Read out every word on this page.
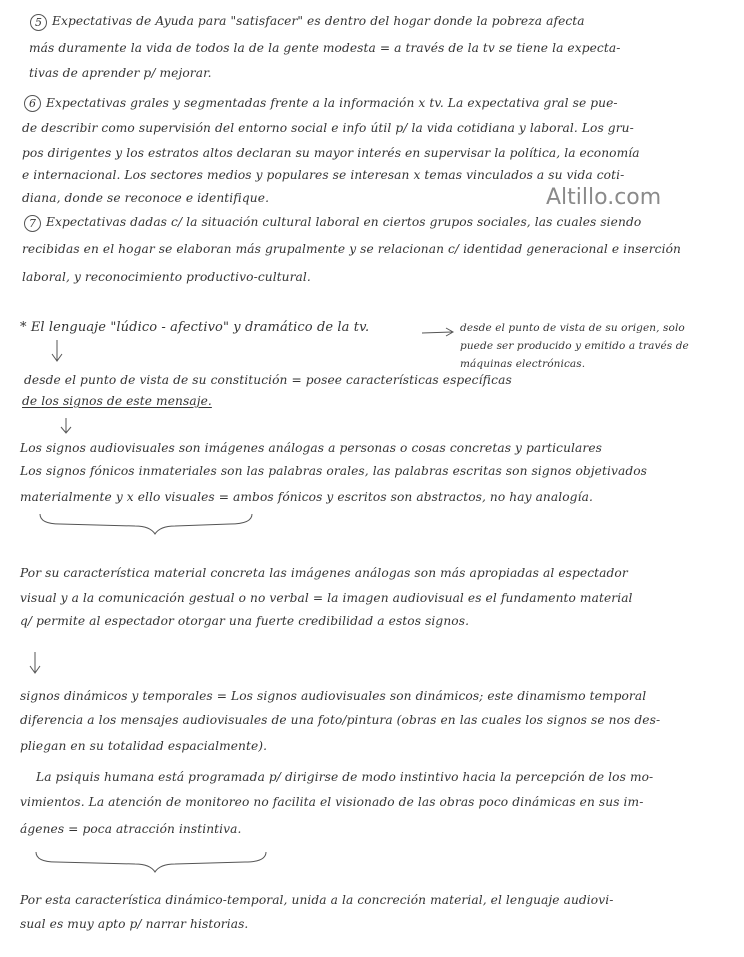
5 Expectativas de Ayuda para "satisfacer" es dentro del hogar donde la pobreza afecta
más duramente la vida de todos la de la gente modesta = a través de la tv se tiene la expecta-
tivas de aprender p/ mejorar.
6 Expectativas grales y segmentadas frente a la información x tv. La expectativa gral se pue-
de describir como supervisión del entorno social e info útil p/ la vida cotidiana y laboral. Los gru-
pos dirigentes y los estratos altos declaran su mayor interés en supervisar la política, la economía
e internacional. Los sectores medios y populares se interesan x temas vinculados a su vida coti-
diana, donde se reconoce e identifique.	Altillo.com
7 Expectativas dadas c/ la situación cultural laboral en ciertos grupos sociales, las cuales siendo
recibidas en el hogar se elaboran más grupalmente y se relacionan c/ identidad generacional e inserción
laboral, y reconocimiento productivo-cultural.
* El lenguaje "lúdico - afectivo" y dramático de la tv.	desde el punto de vista de su origen, solo
puede ser producido y emitido a través de
máquinas electrónicas.
desde el punto de vista de su constitución = posee características específicas
de los signos de este mensaje.
Los signos audiovisuales son imágenes análogas a personas o cosas concretas y particulares
Los signos fónicos inmateriales son las palabras orales, las palabras escritas son signos objetivados
materialmente y x ello visuales = ambos fónicos y escritos son abstractos, no hay analogía.
Por su característica material concreta las imágenes análogas son más apropiadas al espectador
visual y a la comunicación gestual o no verbal = la imagen audiovisual es el fundamento material
q/ permite al espectador otorgar una fuerte credibilidad a estos signos.
signos dinámicos y temporales = Los signos audiovisuales son dinámicos; este dinamismo temporal
diferencia a los mensajes audiovisuales de una foto/pintura (obras en las cuales los signos se nos des-
pliegan en su totalidad espacialmente).
La psiquis humana está programada p/ dirigirse de modo instintivo hacia la percepción de los mo-
vimientos. La atención de monitoreo no facilita el visionado de las obras poco dinámicas en sus im-
ágenes = poca atracción instintiva.
Por esta característica dinámico-temporal, unida a la concreción material, el lenguaje audiovi-
sual es muy apto p/ narrar historias.
